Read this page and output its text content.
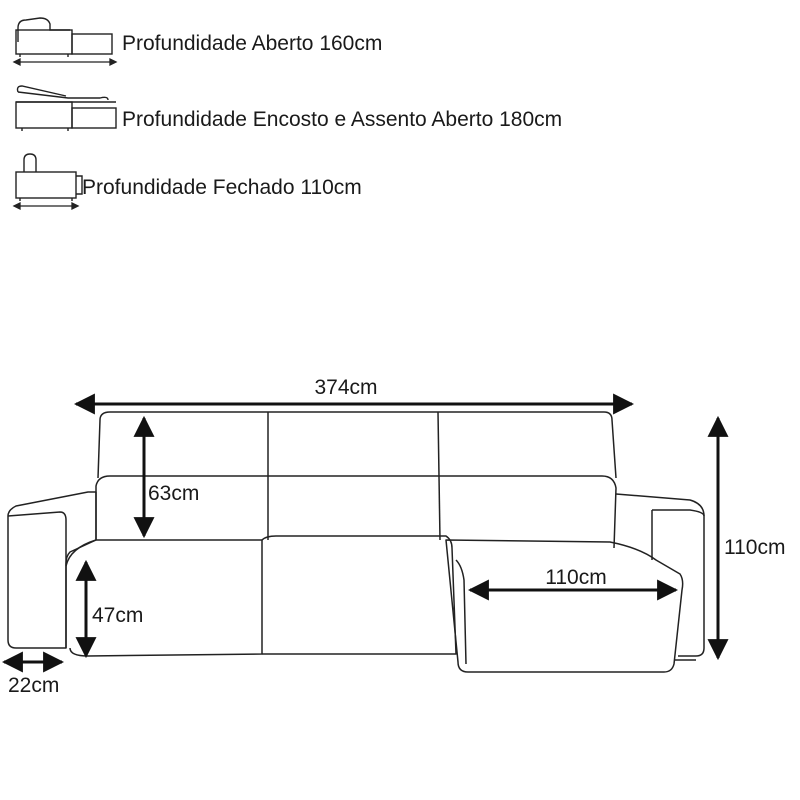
Profundidade Aberto 160cm
Profundidade Encosto e Assento Aberto 180cm
Profundidade Fechado 110cm
374cm
63cm
47cm
22cm
110cm
110cm
